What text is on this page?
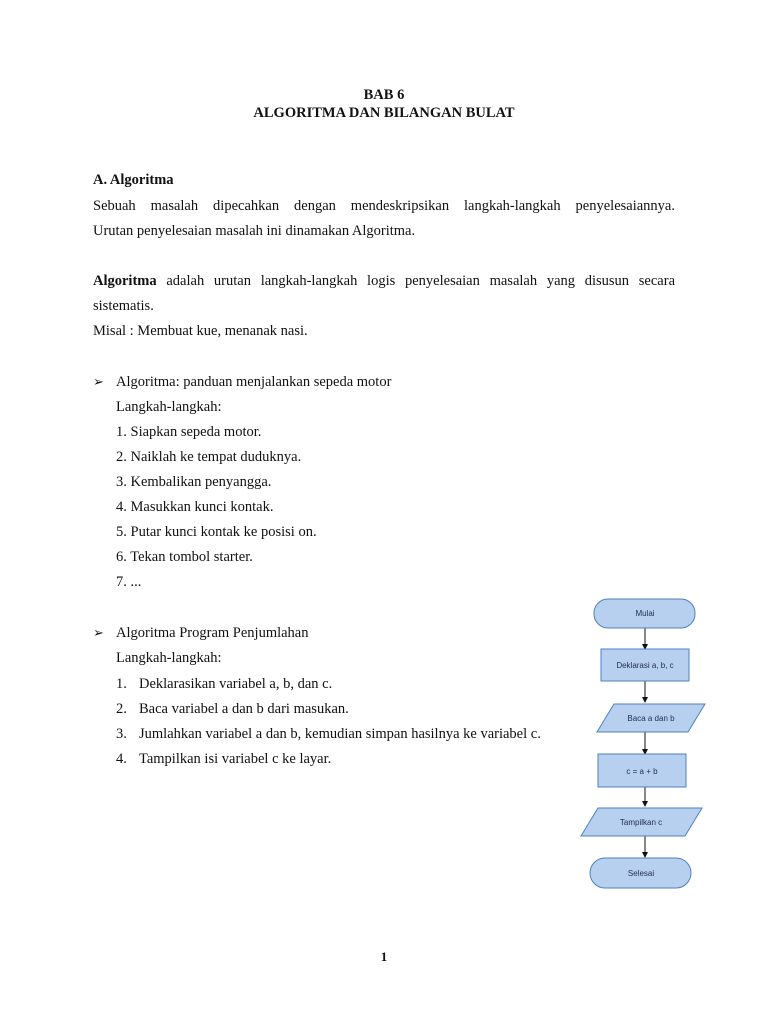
BAB 6
ALGORITMA DAN BILANGAN BULAT
A. Algoritma
Sebuah masalah dipecahkan dengan mendeskripsikan langkah-langkah penyelesaiannya.
Urutan penyelesaian masalah ini dinamakan Algoritma.
Algoritma adalah urutan langkah-langkah logis penyelesaian masalah yang disusun secara
sistematis.
Misal : Membuat kue, menanak nasi.
➢ Algoritma: panduan menjalankan sepeda motor
Langkah-langkah:
1. Siapkan sepeda motor.
2. Naiklah ke tempat duduknya.
3. Kembalikan penyangga.
4. Masukkan kunci kontak.
5. Putar kunci kontak ke posisi on.
6. Tekan tombol starter.
7. ...
➢ Algoritma Program Penjumlahan
Langkah-langkah:
1. Deklarasikan variabel a, b, dan c.
2. Baca variabel a dan b dari masukan.
3. Jumlahkan variabel a dan b, kemudian simpan hasilnya ke variabel c.
4. Tampilkan isi variabel c ke layar.
Mulai
Deklarasi a, b, c
Baca a dan b
c = a + b
Tampilkan c
Selesai
1
